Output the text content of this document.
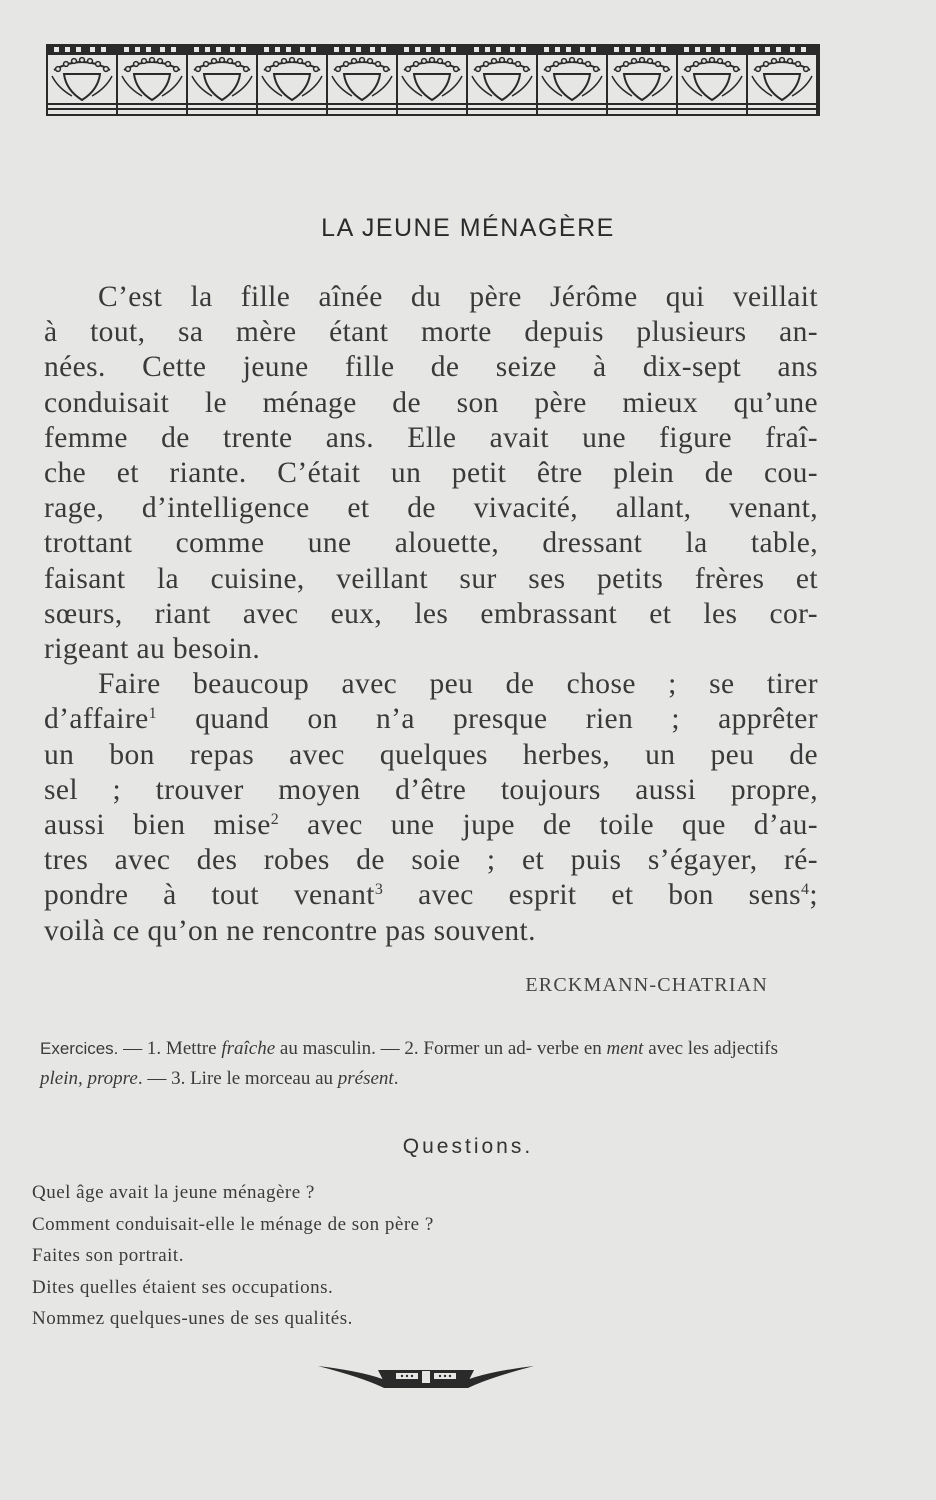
LA JEUNE MÉNAGÈRE
C’est la fille aînée du père Jérôme qui veillait
à tout, sa mère étant morte depuis plusieurs an-
nées. Cette jeune fille de seize à dix-sept ans
conduisait le ménage de son père mieux qu’une
femme de trente ans. Elle avait une figure fraî-
che et riante. C’était un petit être plein de cou-
rage, d’intelligence et de vivacité, allant, venant,
trottant comme une alouette, dressant la table,
faisant la cuisine, veillant sur ses petits frères et
sœurs, riant avec eux, les embrassant et les cor-
rigeant au besoin.
Faire beaucoup avec peu de chose ; se tirer
d’affaire$^1$ quand on n’a presque rien ; apprêter
un bon repas avec quelques herbes, un peu de
sel ; trouver moyen d’être toujours aussi propre,
aussi bien mise$^2$ avec une jupe de toile que d’au-
tres avec des robes de soie ; et puis s’égayer, ré-
pondre à tout venant$^3$ avec esprit et bon sens$^4$;
voilà ce qu’on ne rencontre pas souvent.
ERCKMANN-CHATRIAN
Exercices. — 1. Mettre fraîche au masculin. — 2. Former un ad- verbe en ment avec les adjectifs plein, propre. — 3. Lire le morceau au présent.
Questions.
Quel âge avait la jeune ménagère ?
Comment conduisait-elle le ménage de son père ?
Faites son portrait.
Dites quelles étaient ses occupations.
Nommez quelques-unes de ses qualités.
